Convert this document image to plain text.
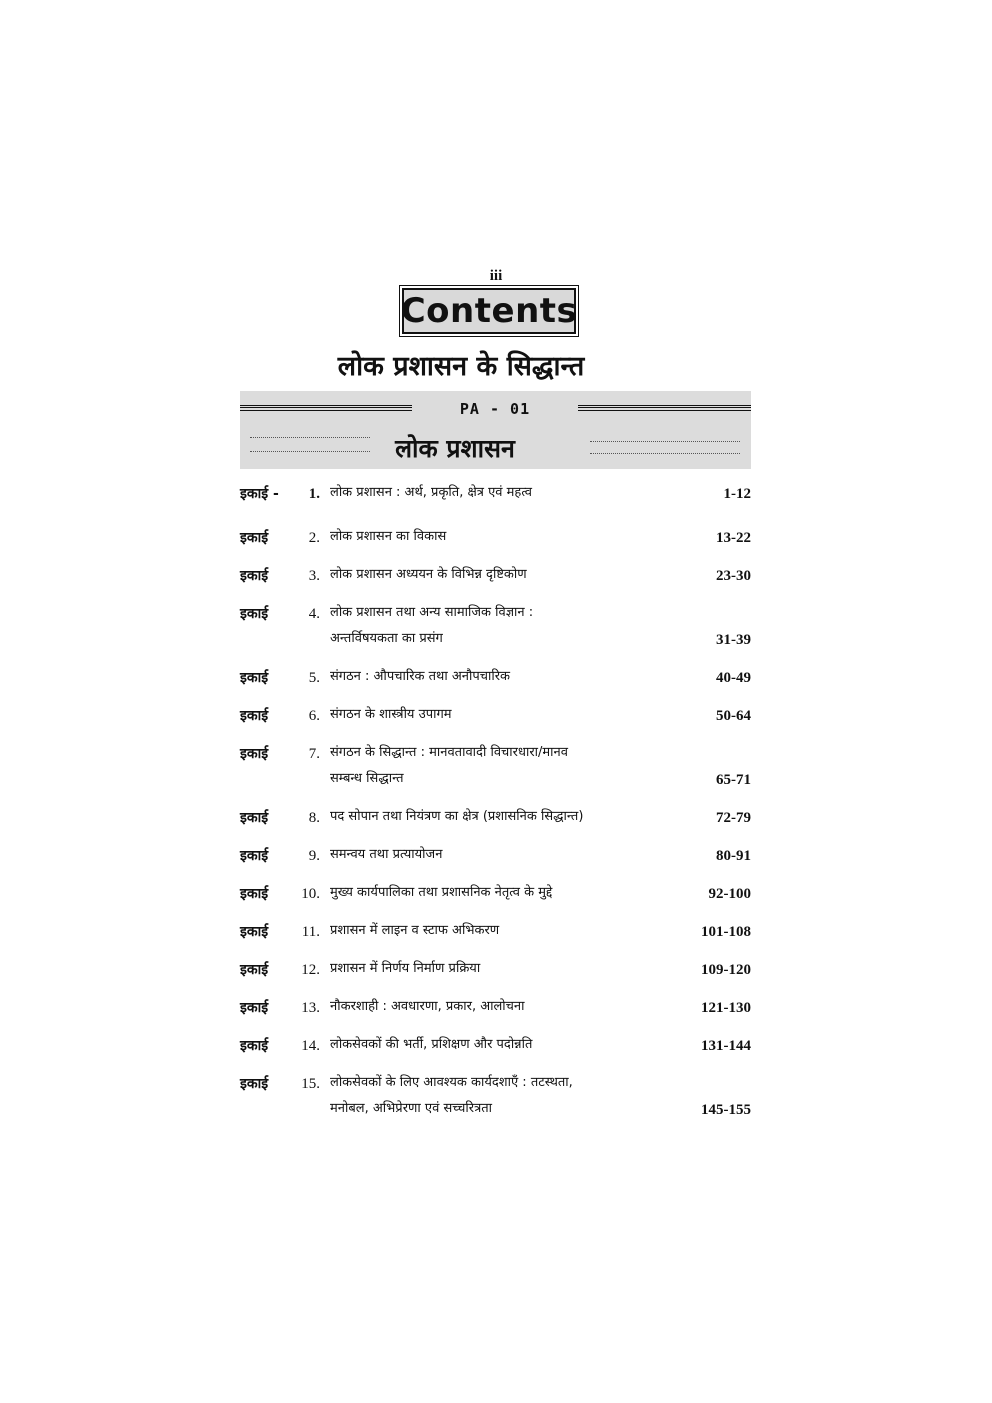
iii
Contents
लोक प्रशासन के सिद्धान्त
PA - 01
लोक प्रशासन
इकाई -	1. लोक प्रशासन : अर्थ, प्रकृति, क्षेत्र एवं महत्व	1-12
इकाई	2. लोक प्रशासन का विकास	13-22
इकाई	3. लोक प्रशासन अध्ययन के विभिन्न दृष्टिकोण	23-30
इकाई	4. लोक प्रशासन तथा अन्य सामाजिक विज्ञान :
अन्तर्विषयकता का प्रसंग	31-39
इकाई	5. संगठन : औपचारिक तथा अनौपचारिक	40-49
इकाई	6. संगठन के शास्त्रीय उपागम	50-64
इकाई	7. संगठन के सिद्धान्त : मानवतावादी विचारधारा/मानव
सम्बन्ध सिद्धान्त	65-71
इकाई	8. पद सोपान तथा नियंत्रण का क्षेत्र (प्रशासनिक सिद्धान्त)	72-79
इकाई	9. समन्वय तथा प्रत्यायोजन	80-91
इकाई	10. मुख्य कार्यपालिका तथा प्रशासनिक नेतृत्व के मुद्दे	92-100
इकाई	11. प्रशासन में लाइन व स्टाफ अभिकरण	101-108
इकाई	12. प्रशासन में निर्णय निर्माण प्रक्रिया	109-120
इकाई	13. नौकरशाही : अवधारणा, प्रकार, आलोचना	121-130
इकाई	14. लोकसेवकों की भर्ती, प्रशिक्षण और पदोन्नति	131-144
इकाई	15. लोकसेवकों के लिए आवश्यक कार्यदशाएँ : तटस्थता,
मनोबल, अभिप्रेरणा एवं सच्चरित्रता	145-155
